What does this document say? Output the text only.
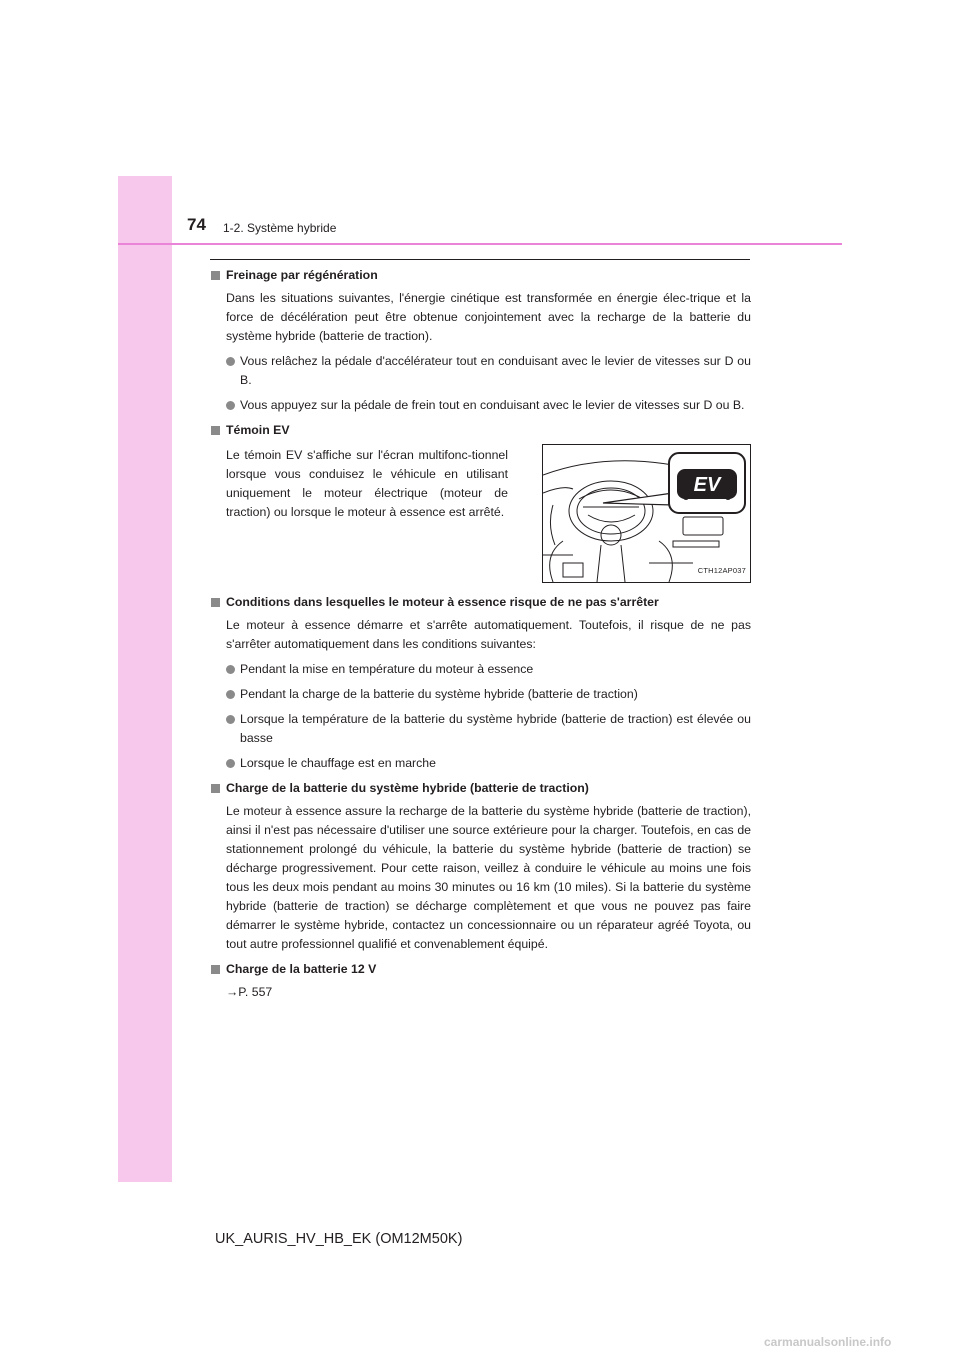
74 1-2. Système hybride
Freinage par régénération

Dans les situations suivantes, l'énergie cinétique est transformée en énergie élec-trique et la force de décélération peut être obtenue conjointement avec la recharge de la batterie du système hybride (batterie de traction).

Vous relâchez la pédale d'accélérateur tout en conduisant avec le levier de vitesses sur D ou B.
Vous appuyez sur la pédale de frein tout en conduisant avec le levier de vitesses sur D ou B.
Témoin EV
Le témoin EV s'affiche sur l'écran multifonc-tionnel lorsque vous conduisez le véhicule en utilisant uniquement le moteur électrique (moteur de traction) ou lorsque le moteur à essence est arrêté.
EV
CTH12AP037
Conditions dans lesquelles le moteur à essence risque de ne pas s'arrêter

Le moteur à essence démarre et s'arrête automatiquement. Toutefois, il risque de ne pas s'arrêter automatiquement dans les conditions suivantes:

Pendant la mise en température du moteur à essence
Pendant la charge de la batterie du système hybride (batterie de traction)
Lorsque la température de la batterie du système hybride (batterie de traction) est élevée ou basse
Lorsque le chauffage est en marche
Charge de la batterie du système hybride (batterie de traction)

Le moteur à essence assure la recharge de la batterie du système hybride (batterie de traction), ainsi il n'est pas nécessaire d'utiliser une source extérieure pour la charger. Toutefois, en cas de stationnement prolongé du véhicule, la batterie du système hybride (batterie de traction) se décharge progressivement. Pour cette raison, veillez à conduire le véhicule au moins une fois tous les deux mois pendant au moins 30 minutes ou 16 km (10 miles). Si la batterie du système hybride (batterie de traction) se décharge complètement et que vous ne pouvez pas faire démarrer le système hybride, contactez un concessionnaire ou un réparateur agréé Toyota, ou tout autre professionnel qualifié et convenablement équipé.

Charge de la batterie 12 V

→P. 557

UK_AURIS_HV_HB_EK (OM12M50K)
carmanualsonline.info
